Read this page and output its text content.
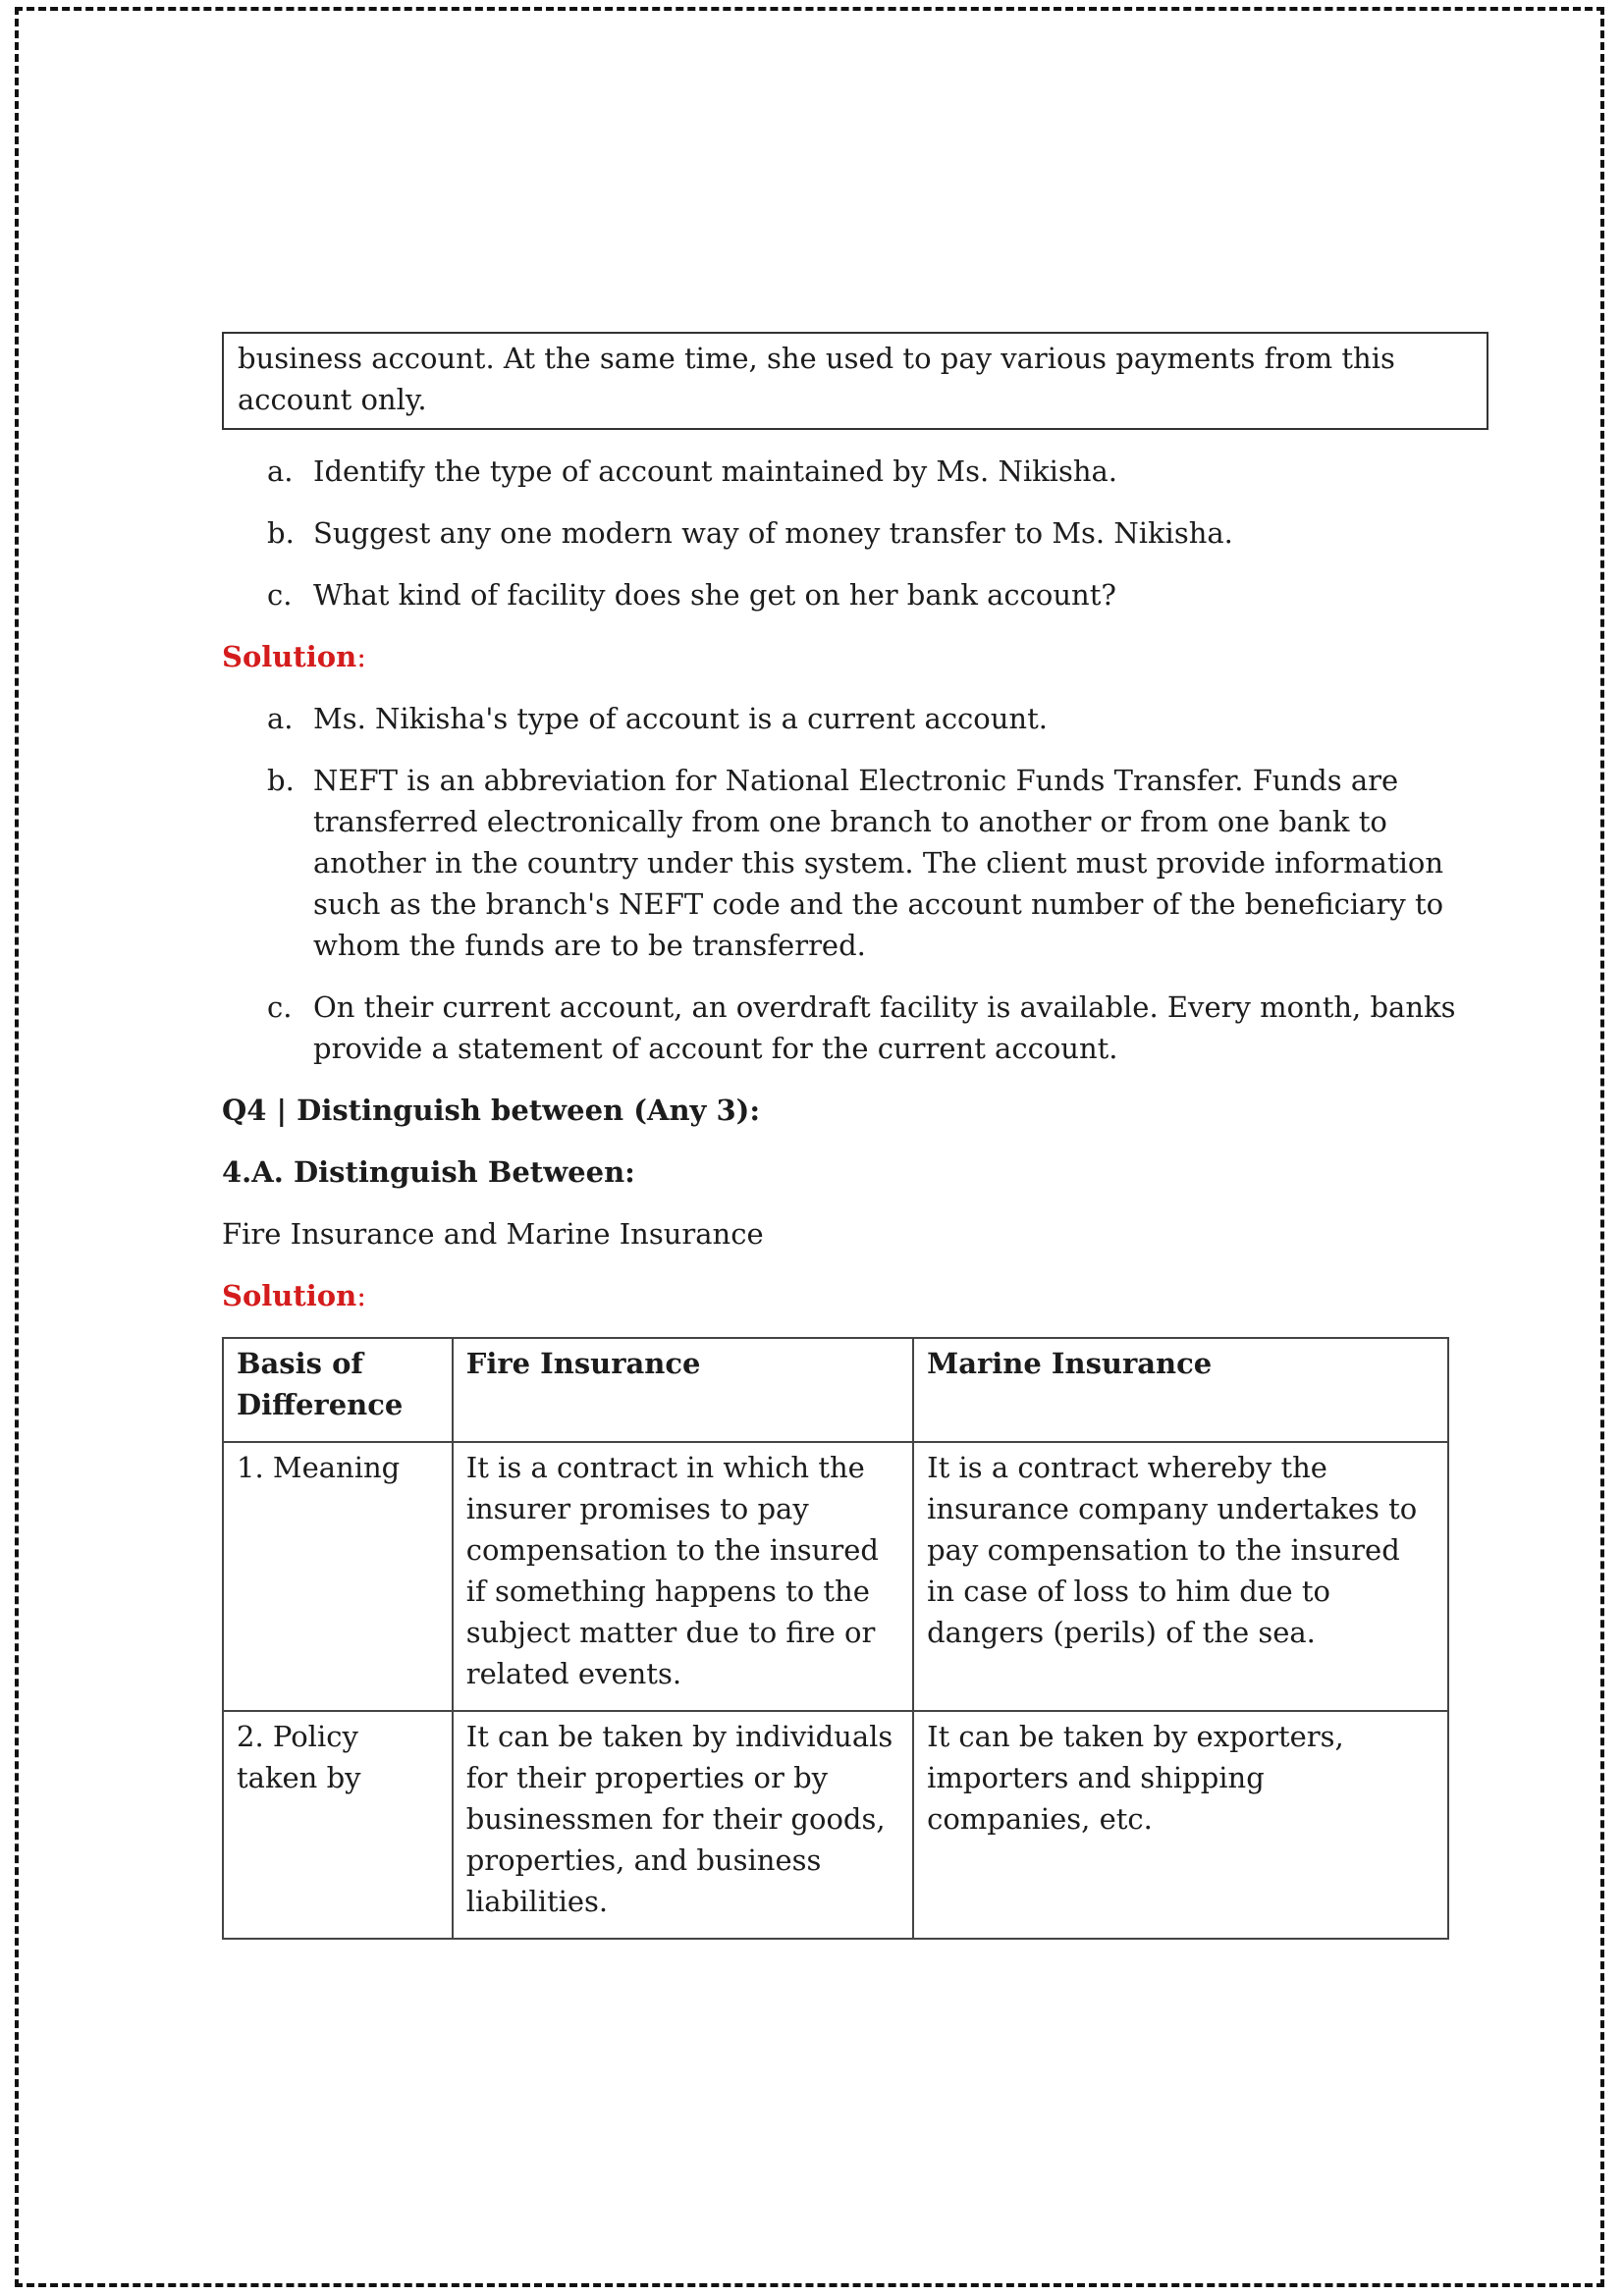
business account. At the same time, she used to pay various payments from this account only.
a. Identify the type of account maintained by Ms. Nikisha.
b. Suggest any one modern way of money transfer to Ms. Nikisha.
c. What kind of facility does she get on her bank account?
Solution:
a. Ms. Nikisha's type of account is a current account.
b. NEFT is an abbreviation for National Electronic Funds Transfer. Funds are transferred electronically from one branch to another or from one bank to another in the country under this system. The client must provide information such as the branch's NEFT code and the account number of the beneficiary to whom the funds are to be transferred.
c. On their current account, an overdraft facility is available. Every month, banks provide a statement of account for the current account.
Q4 | Distinguish between (Any 3):
4.A. Distinguish Between:
Fire Insurance and Marine Insurance
Solution:
Basis of Difference	Fire Insurance	Marine Insurance
1. Meaning	It is a contract in which the insurer promises to pay compensation to the insured if something happens to the subject matter due to fire or related events.	It is a contract whereby the insurance company undertakes to pay compensation to the insured in case of loss to him due to dangers (perils) of the sea.
2. Policy taken by	It can be taken by individuals for their properties or by businessmen for their goods, properties, and business liabilities.	It can be taken by exporters, importers and shipping companies, etc.
